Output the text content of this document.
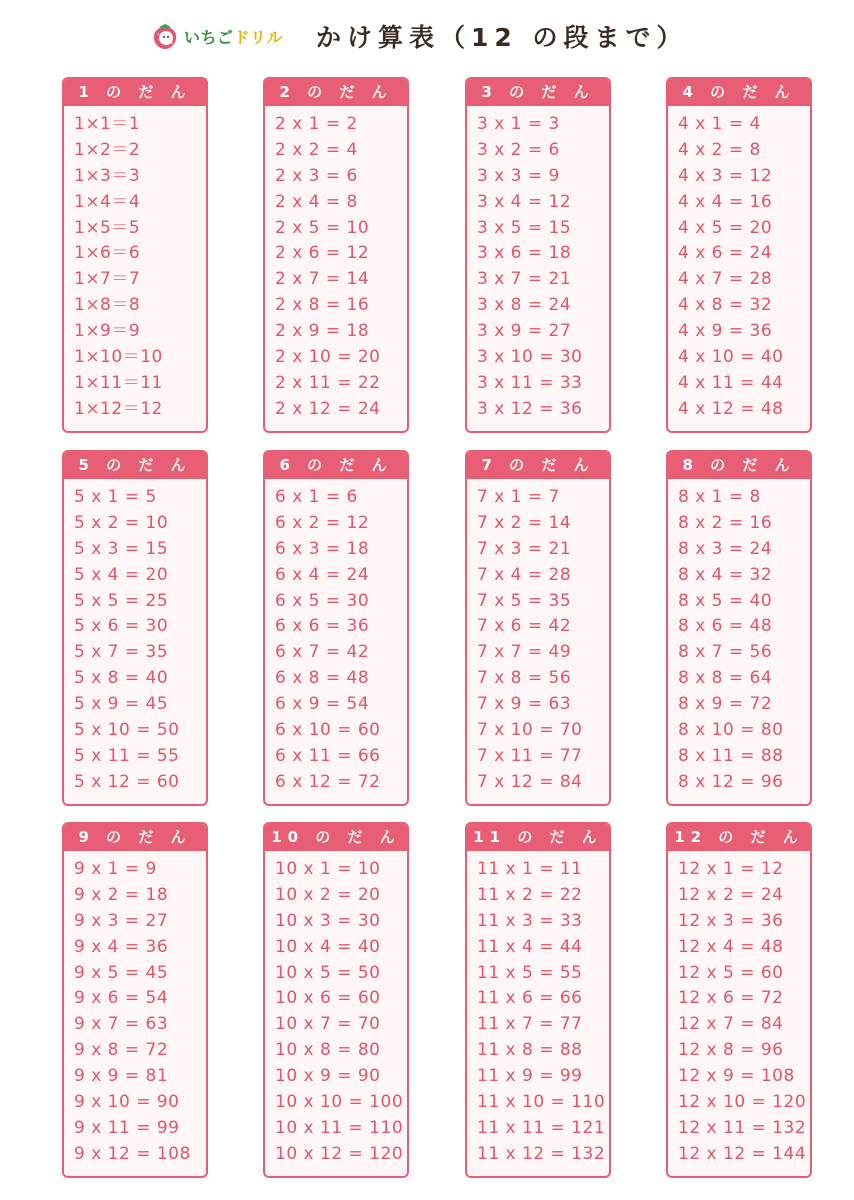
いちご ドリル かけ算表（12 の段まで）
1 の だ ん
1×1＝1
1×2＝2
1×3＝3
1×4＝4
1×5＝5
1×6＝6
1×7＝7
1×8＝8
1×9＝9
1×10＝10
1×11＝11
1×12＝12
2 の だ ん
2 x 1 = 2
2 x 2 = 4
2 x 3 = 6
2 x 4 = 8
2 x 5 = 10
2 x 6 = 12
2 x 7 = 14
2 x 8 = 16
2 x 9 = 18
2 x 10 = 20
2 x 11 = 22
2 x 12 = 24
3 の だ ん
3 x 1 = 3
3 x 2 = 6
3 x 3 = 9
3 x 4 = 12
3 x 5 = 15
3 x 6 = 18
3 x 7 = 21
3 x 8 = 24
3 x 9 = 27
3 x 10 = 30
3 x 11 = 33
3 x 12 = 36
4 の だ ん
4 x 1 = 4
4 x 2 = 8
4 x 3 = 12
4 x 4 = 16
4 x 5 = 20
4 x 6 = 24
4 x 7 = 28
4 x 8 = 32
4 x 9 = 36
4 x 10 = 40
4 x 11 = 44
4 x 12 = 48
5 の だ ん
5 x 1 = 5
5 x 2 = 10
5 x 3 = 15
5 x 4 = 20
5 x 5 = 25
5 x 6 = 30
5 x 7 = 35
5 x 8 = 40
5 x 9 = 45
5 x 10 = 50
5 x 11 = 55
5 x 12 = 60
6 の だ ん
6 x 1 = 6
6 x 2 = 12
6 x 3 = 18
6 x 4 = 24
6 x 5 = 30
6 x 6 = 36
6 x 7 = 42
6 x 8 = 48
6 x 9 = 54
6 x 10 = 60
6 x 11 = 66
6 x 12 = 72
7 の だ ん
7 x 1 = 7
7 x 2 = 14
7 x 3 = 21
7 x 4 = 28
7 x 5 = 35
7 x 6 = 42
7 x 7 = 49
7 x 8 = 56
7 x 9 = 63
7 x 10 = 70
7 x 11 = 77
7 x 12 = 84
8 の だ ん
8 x 1 = 8
8 x 2 = 16
8 x 3 = 24
8 x 4 = 32
8 x 5 = 40
8 x 6 = 48
8 x 7 = 56
8 x 8 = 64
8 x 9 = 72
8 x 10 = 80
8 x 11 = 88
8 x 12 = 96
9 の だ ん
9 x 1 = 9
9 x 2 = 18
9 x 3 = 27
9 x 4 = 36
9 x 5 = 45
9 x 6 = 54
9 x 7 = 63
9 x 8 = 72
9 x 9 = 81
9 x 10 = 90
9 x 11 = 99
9 x 12 = 108
10 の だ ん
10 x 1 = 10
10 x 2 = 20
10 x 3 = 30
10 x 4 = 40
10 x 5 = 50
10 x 6 = 60
10 x 7 = 70
10 x 8 = 80
10 x 9 = 90
10 x 10 = 100
10 x 11 = 110
10 x 12 = 120
11 の だ ん
11 x 1 = 11
11 x 2 = 22
11 x 3 = 33
11 x 4 = 44
11 x 5 = 55
11 x 6 = 66
11 x 7 = 77
11 x 8 = 88
11 x 9 = 99
11 x 10 = 110
11 x 11 = 121
11 x 12 = 132
12 の だ ん
12 x 1 = 12
12 x 2 = 24
12 x 3 = 36
12 x 4 = 48
12 x 5 = 60
12 x 6 = 72
12 x 7 = 84
12 x 8 = 96
12 x 9 = 108
12 x 10 = 120
12 x 11 = 132
12 x 12 = 144
